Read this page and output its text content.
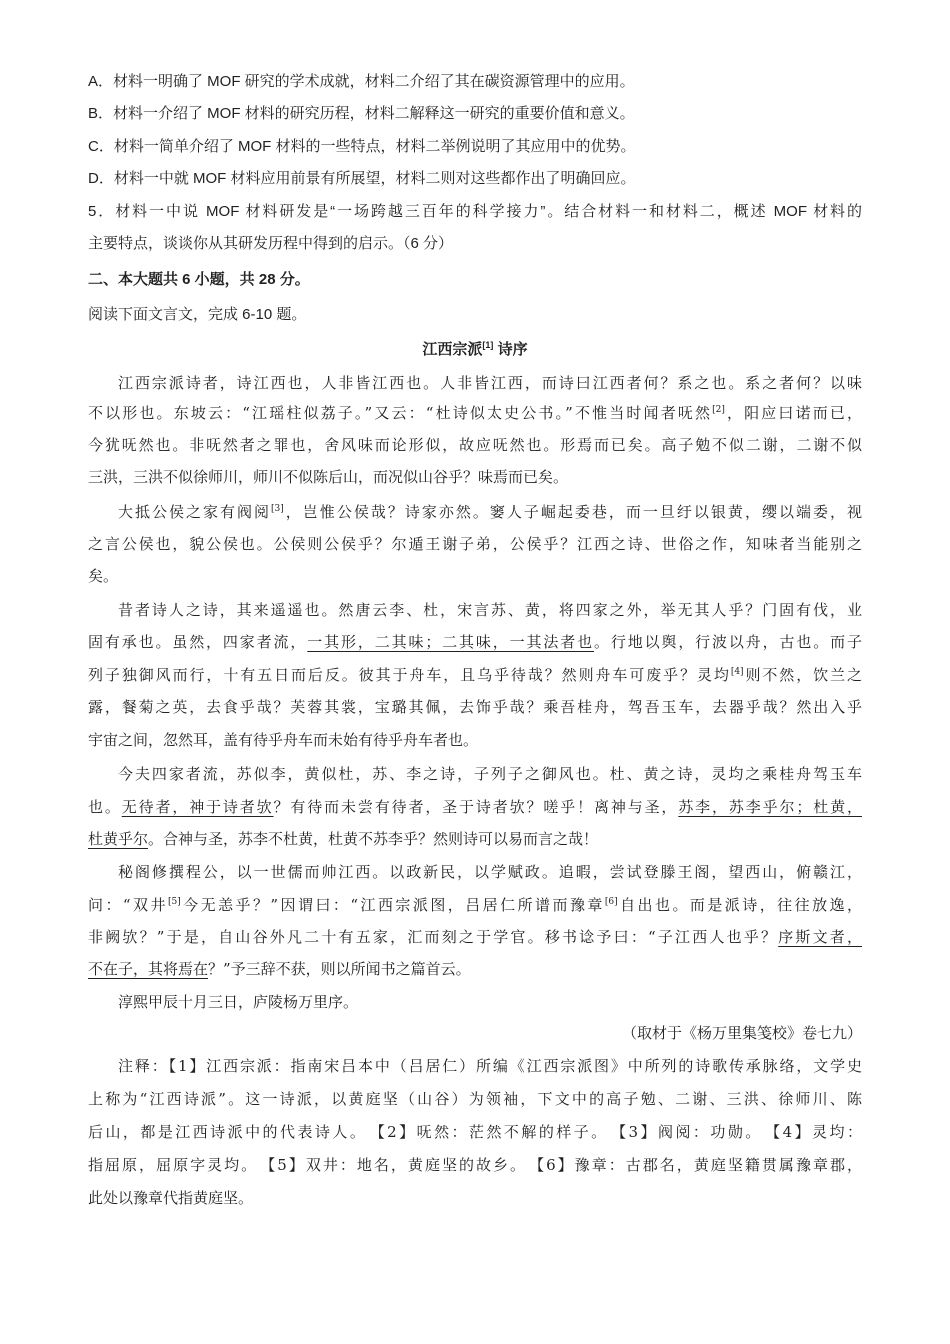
A．材料一明确了 MOF 研究的学术成就，材料二介绍了其在碳资源管理中的应用。
B．材料一介绍了 MOF 材料的研究历程，材料二解释这一研究的重要价值和意义。
C．材料一简单介绍了 MOF 材料的一些特点，材料二举例说明了其应用中的优势。
D．材料一中就 MOF 材料应用前景有所展望，材料二则对这些都作出了明确回应。
5．材料一中说 MOF 材料研发是“一场跨越三百年的科学接力”。结合材料一和材料二，概述 MOF 材料的
主要特点，谈谈你从其研发历程中得到的启示。（6 分）
二、本大题共 6 小题，共 28 分。
阅读下面文言文，完成 6-10 题。
江西宗派[1] 诗序
江西宗派诗者，诗江西也，人非皆江西也。人非皆江西，而诗曰江西者何？系之也。系之者何？以味
不以形也。东坡云：“江瑶柱似荔子。”又云：“杜诗似太史公书。”不惟当时闻者呒然[2]，阳应曰诺而已，
今犹呒然也。非呒然者之罪也，舍风味而论形似，故应呒然也。形焉而已矣。高子勉不似二谢，二谢不似
三洪，三洪不似徐师川，师川不似陈后山，而况似山谷乎？味焉而已矣。
大抵公侯之家有阀阅[3]，岂惟公侯哉？诗家亦然。窭人子崛起委巷，而一旦纡以银黄，缨以端委，视
之言公侯也，貌公侯也。公侯则公侯乎？尔遁王谢子弟，公侯乎？江西之诗、世俗之作，知味者当能别之
矣。
昔者诗人之诗，其来遥遥也。然唐云李、杜，宋言苏、黄，将四家之外，举无其人乎？门固有伐，业
固有承也。虽然，四家者流，一其形，二其味；二其味，一其法者也。行地以舆，行波以舟，古也。而子
列子独御风而行，十有五日而后反。彼其于舟车，且乌乎待哉？然则舟车可废乎？灵均[4]则不然，饮兰之
露，餐菊之英，去食乎哉？芙蓉其裳，宝璐其佩，去饰乎哉？乘吾桂舟，驾吾玉车，去器乎哉？然出入乎
宇宙之间，忽然耳，盖有待乎舟车而未始有待乎舟车者也。
今夫四家者流，苏似李，黄似杜，苏、李之诗，子列子之御风也。杜、黄之诗，灵均之乘桂舟驾玉车
也。无待者，神于诗者欤？有待而未尝有待者，圣于诗者欤？嗟乎！离神与圣，苏李，苏李乎尔；杜黄，
杜黄乎尔。合神与圣，苏李不杜黄，杜黄不苏李乎？然则诗可以易而言之哉！
秘阁修撰程公，以一世儒而帅江西。以政新民，以学赋政。追暇，尝试登滕王阁，望西山，俯赣江，
问：“双井[5]今无恙乎？”因谓曰：“江西宗派图，吕居仁所谱而豫章[6]自出也。而是派诗，往往放逸，
非阙欤？”于是，自山谷外凡二十有五家，汇而刻之于学官。移书谂予曰：“子江西人也乎？序斯文者，
不在子，其将焉在？”予三辞不获，则以所闻书之篇首云。
淳熙甲辰十月三日，庐陵杨万里序。
（取材于《杨万里集笺校》卷七九）
注释：【1】江西宗派：指南宋吕本中（吕居仁）所编《江西宗派图》中所列的诗歌传承脉络，文学史
上称为“江西诗派”。这一诗派，以黄庭坚（山谷）为领袖，下文中的高子勉、二谢、三洪、徐师川、陈
后山，都是江西诗派中的代表诗人。　【2】呒然：茫然不解的样子。　【3】阀阅：功勋。　【4】灵均：
指屈原，屈原字灵均。　【5】双井：地名，黄庭坚的故乡。　【6】豫章：古郡名，黄庭坚籍贯属豫章郡，
此处以豫章代指黄庭坚。
